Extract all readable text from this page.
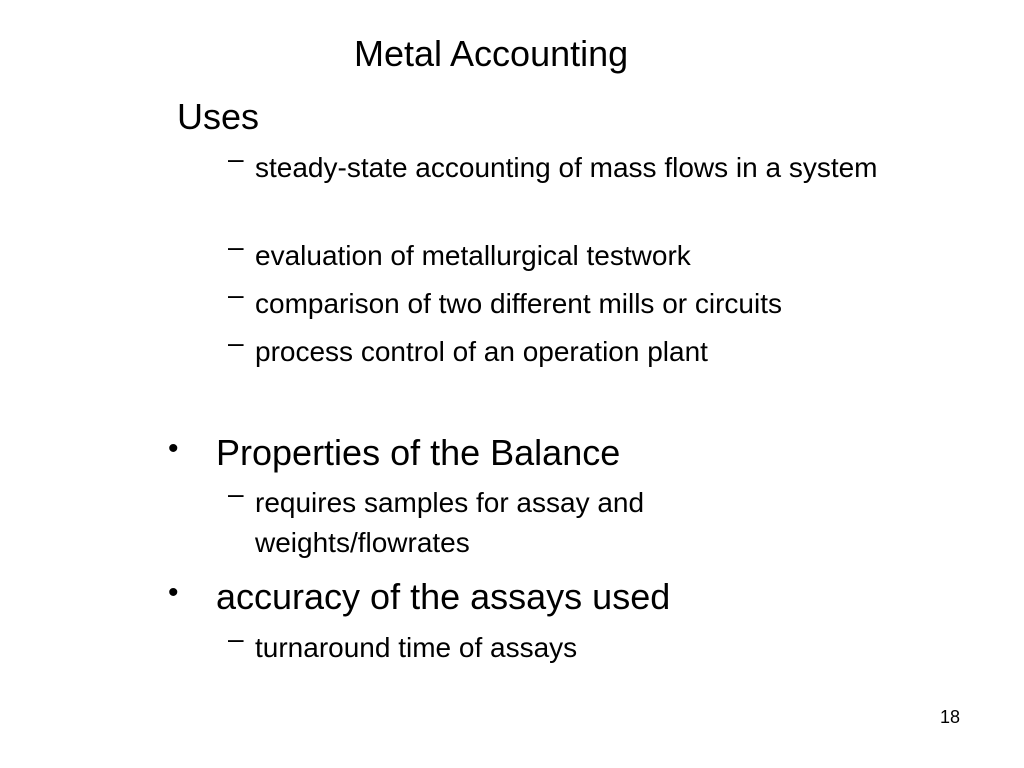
Metal Accounting
Uses
– steady-state accounting of mass flows in a system
– evaluation of metallurgical testwork
– comparison of two different mills or circuits
– process control of an operation plant
• Properties of the Balance
– requires samples for assay and weights/flowrates
• accuracy of the assays used
– turnaround time of assays
18
